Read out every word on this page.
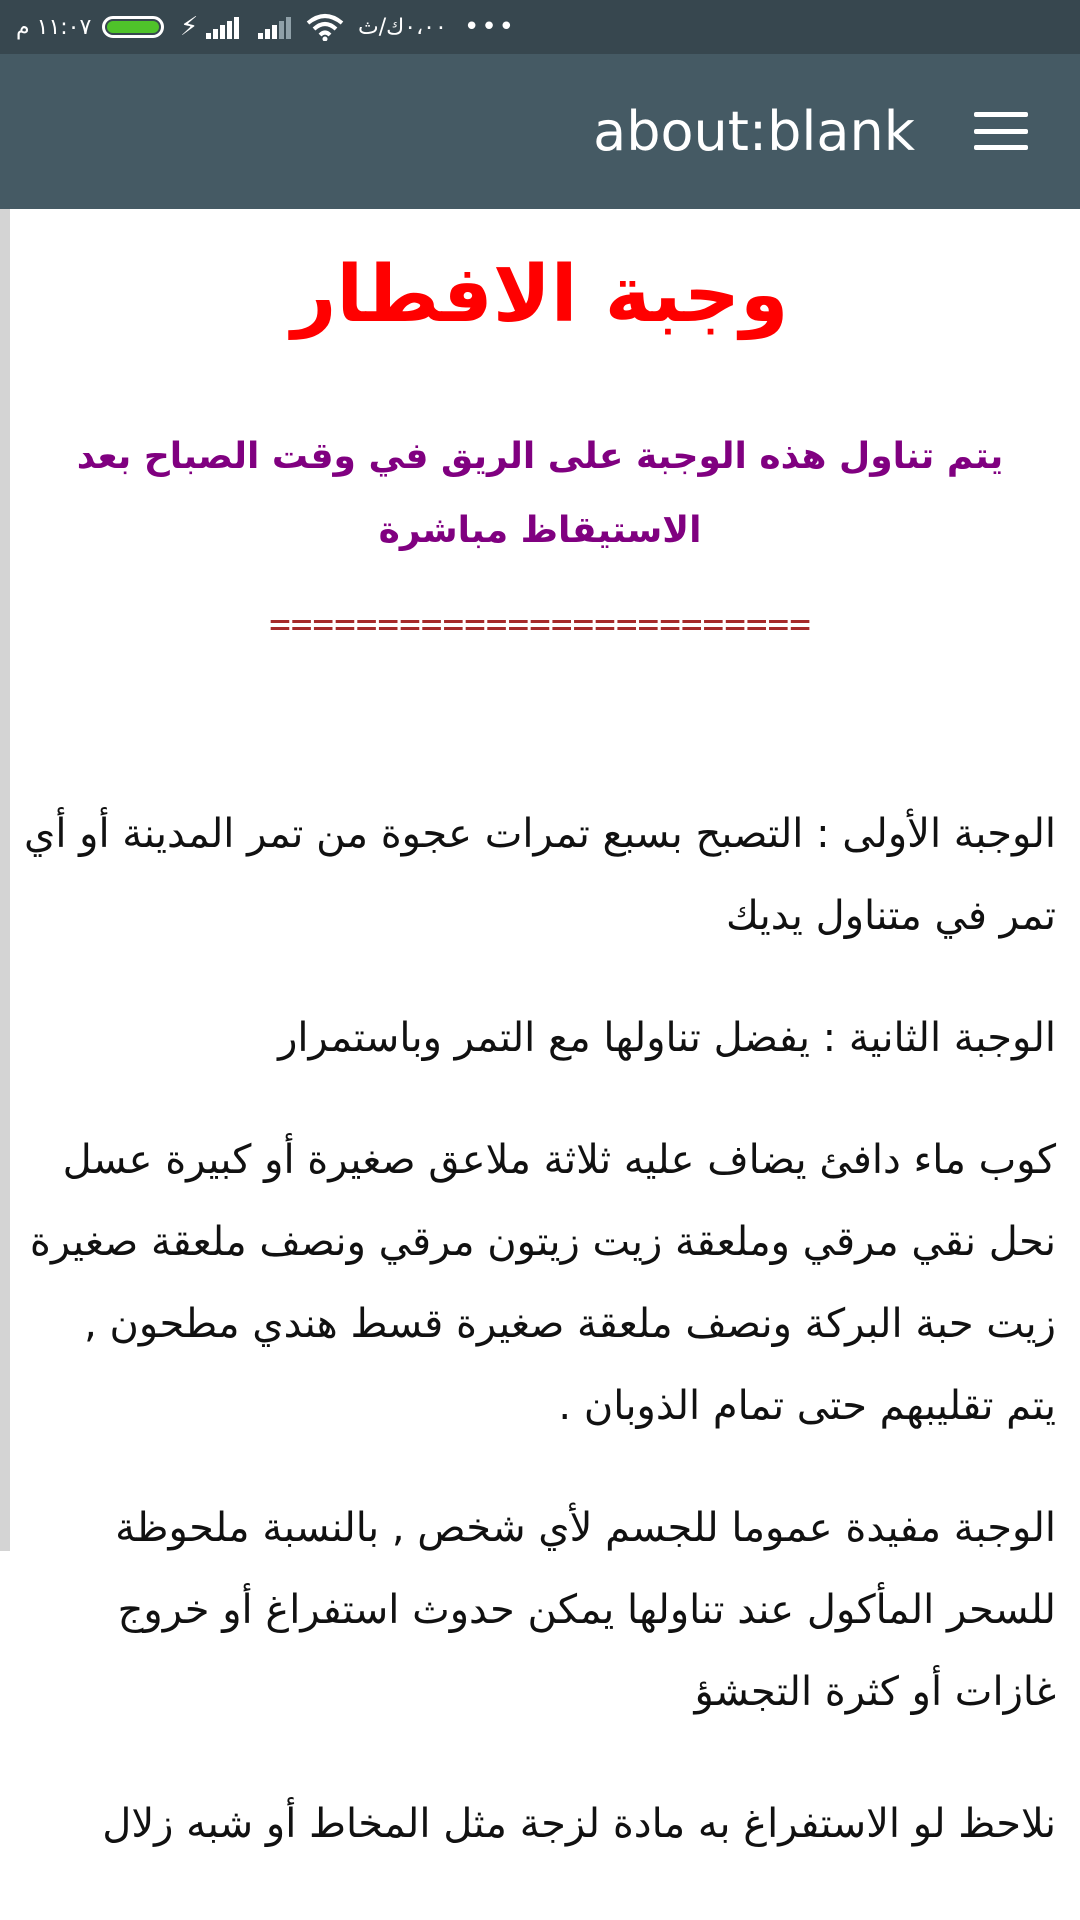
١١:٠٧ م	⚡	٠،٠٠ك/ث •••
about:blank
وجبة الافطار
يتم تناول هذه الوجبة على الريق في وقت الصباح بعد الاستيقاظ مباشرة
=========================

الوجبة الأولى : التصبح بسبع تمرات عجوة من تمر المدينة أو أي تمر في متناول يديك

الوجبة الثانية : يفضل تناولها مع التمر وباستمرار

كوب ماء دافئ يضاف عليه ثلاثة ملاعق صغيرة أو كبيرة عسل نحل نقي مرقي وملعقة زيت زيتون مرقي ونصف ملعقة صغيرة زيت حبة البركة ونصف ملعقة صغيرة قسط هندي مطحون , يتم تقليبهم حتى تمام الذوبان .

الوجبة مفيدة عموما للجسم لأي شخص , بالنسبة ملحوظة للسحر المأكول عند تناولها يمكن حدوث استفراغ أو خروج غازات أو كثرة التجشؤ

نلاحظ لو الاستفراغ به مادة لزجة مثل المخاط أو شبه زلال
